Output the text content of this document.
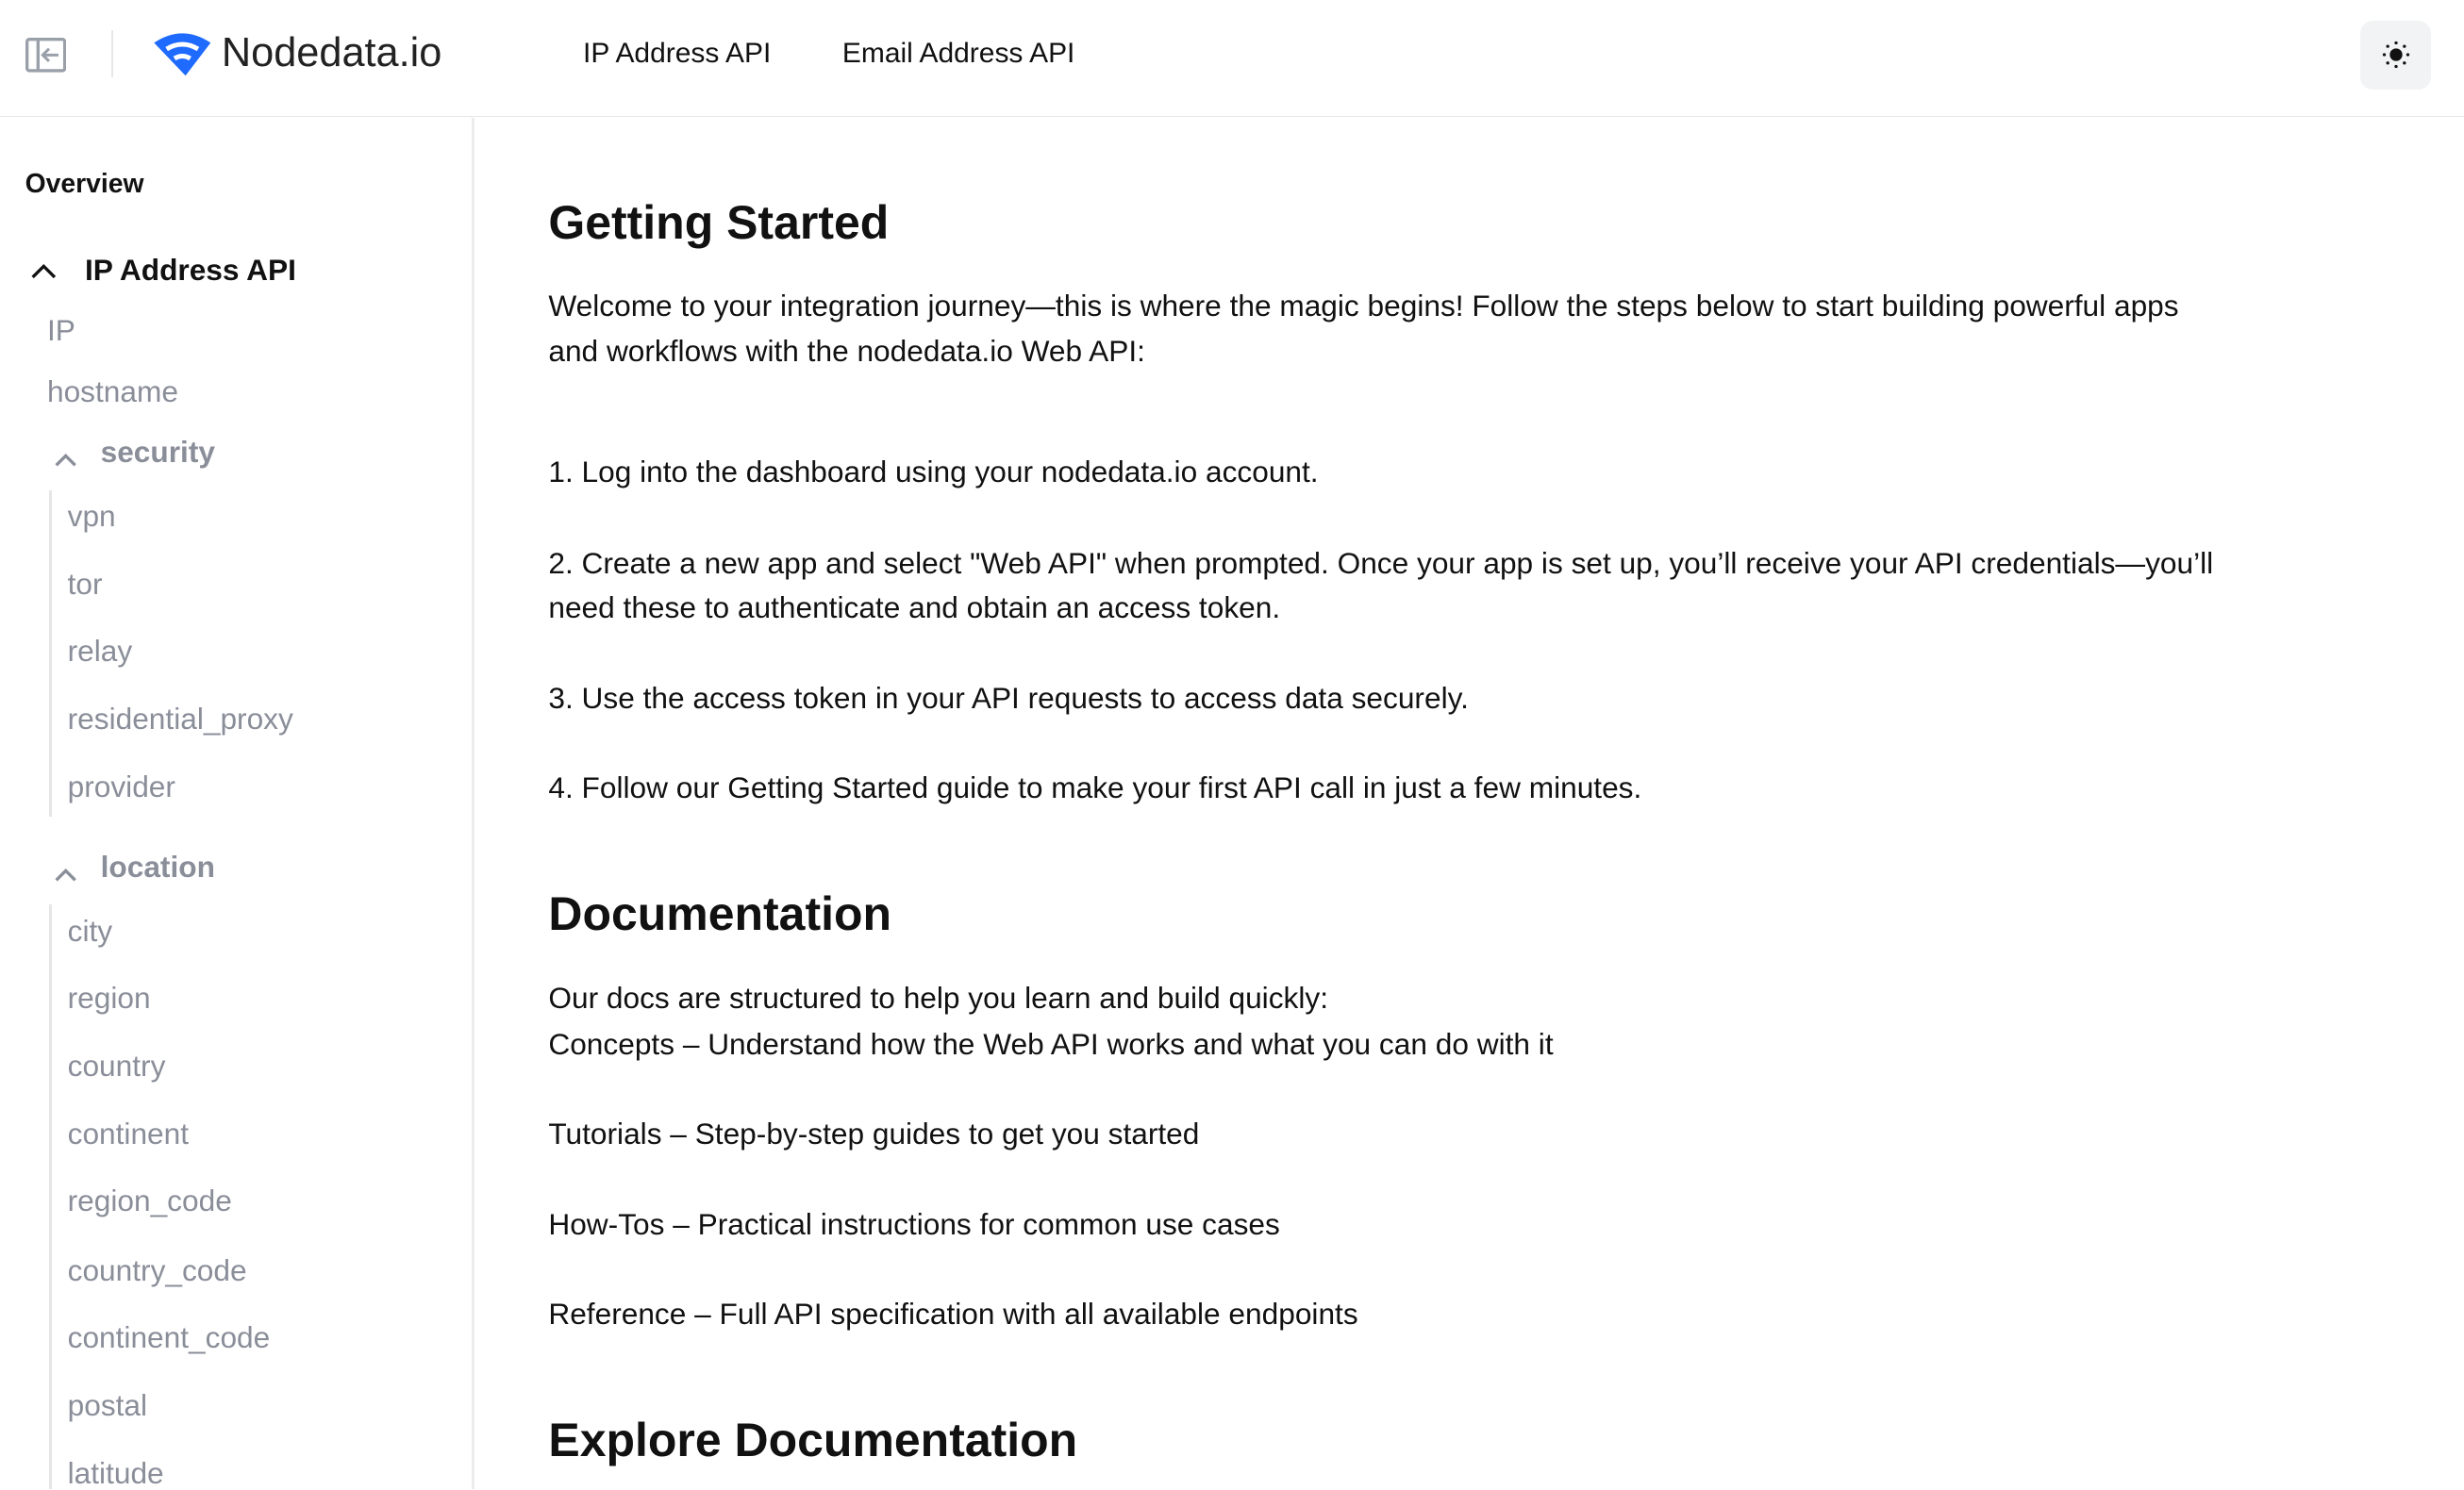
Nodedata.io	IP Address API	Email Address API
Overview
IP Address API
IP
hostname
security
vpn
tor
relay
residential_proxy
provider
location
city
region
country
continent
region_code
country_code
continent_code
postal
latitude
Getting Started
Welcome to your integration journey—this is where the magic begins! Follow the steps below to start building powerful apps
and workflows with the nodedata.io Web API:
1. Log into the dashboard using your nodedata.io account.
2. Create a new app and select "Web API" when prompted. Once your app is set up, you’ll receive your API credentials—you’ll
need these to authenticate and obtain an access token.
3. Use the access token in your API requests to access data securely.
4. Follow our Getting Started guide to make your first API call in just a few minutes.
Documentation
Our docs are structured to help you learn and build quickly:
Concepts – Understand how the Web API works and what you can do with it
Tutorials – Step-by-step guides to get you started
How-Tos – Practical instructions for common use cases
Reference – Full API specification with all available endpoints
Explore Documentation
